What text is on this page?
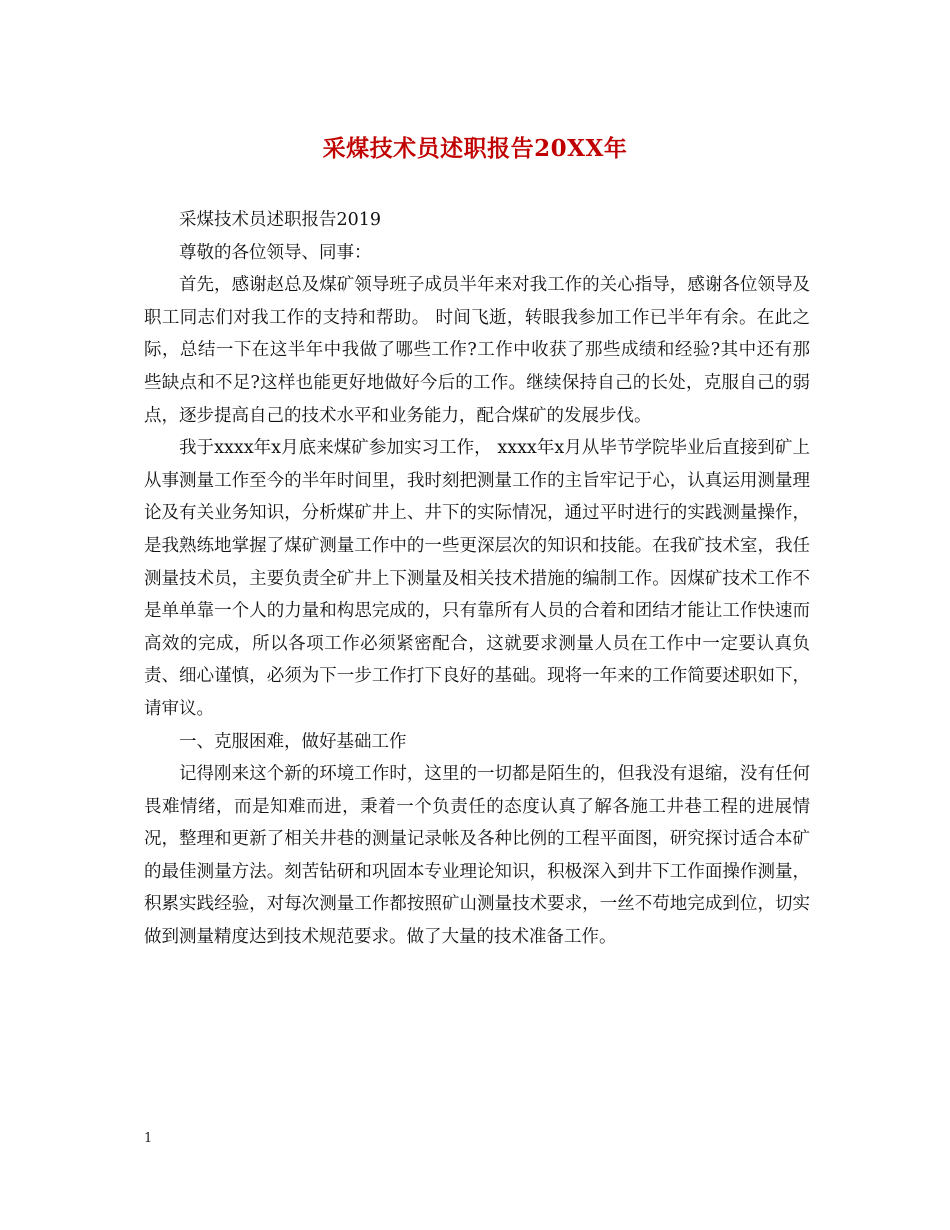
采煤技术员述职报告20XX年

采煤技术员述职报告2019

尊敬的各位领导、同事：

首先，感谢赵总及煤矿领导班子成员半年来对我工作的关心指导，感谢各位领导及职工同志们对我工作的支持和帮助。 时间飞逝，转眼我参加工作已半年有余。在此之际，总结一下在这半年中我做了哪些工作?工作中收获了那些成绩和经验?其中还有那些缺点和不足?这样也能更好地做好今后的工作。继续保持自己的长处，克服自己的弱点，逐步提高自己的技术水平和业务能力，配合煤矿的发展步伐。

我于xxxx年x月底来煤矿参加实习工作， xxxx年x月从毕节学院毕业后直接到矿上从事测量工作至今的半年时间里，我时刻把测量工作的主旨牢记于心，认真运用测量理论及有关业务知识，分析煤矿井上、井下的实际情况，通过平时进行的实践测量操作，是我熟练地掌握了煤矿测量工作中的一些更深层次的知识和技能。在我矿技术室，我任测量技术员，主要负责全矿井上下测量及相关技术措施的编制工作。因煤矿技术工作不是单单靠一个人的力量和构思完成的，只有靠所有人员的合着和团结才能让工作快速而高效的完成，所以各项工作必须紧密配合，这就要求测量人员在工作中一定要认真负责、细心谨慎，必须为下一步工作打下良好的基础。现将一年来的工作简要述职如下，请审议。

一、克服困难，做好基础工作

记得刚来这个新的环境工作时，这里的一切都是陌生的，但我没有退缩，没有任何畏难情绪，而是知难而进，秉着一个负责任的态度认真了解各施工井巷工程的进展情况，整理和更新了相关井巷的测量记录帐及各种比例的工程平面图，研究探讨适合本矿的最佳测量方法。刻苦钻研和巩固本专业理论知识，积极深入到井下工作面操作测量，积累实践经验，对每次测量工作都按照矿山测量技术要求，一丝不苟地完成到位，切实做到测量精度达到技术规范要求。做了大量的技术准备工作。

1
